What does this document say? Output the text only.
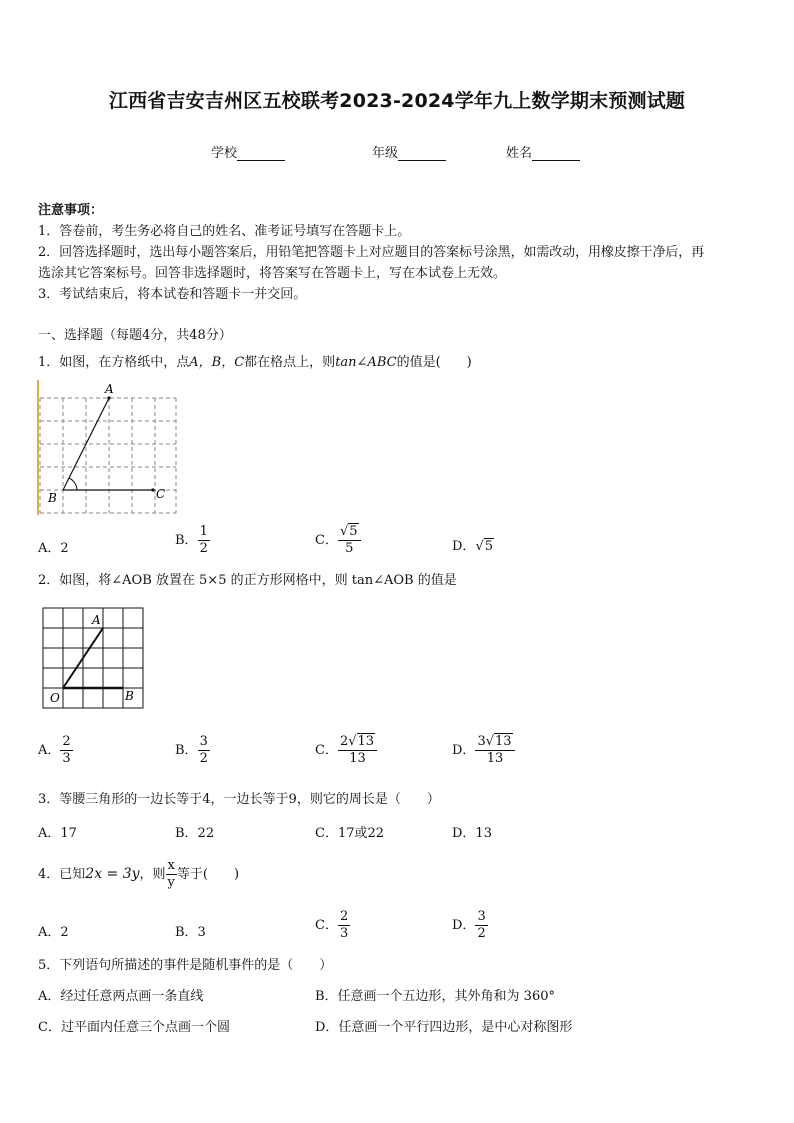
江西省吉安吉州区五校联考2023-2024学年九上数学期末预测试题
学校	年级	姓名
注意事项：
1．答卷前，考生务必将自己的姓名、准考证号填写在答题卡上。
2．回答选择题时，选出每小题答案后，用铅笔把答题卡上对应题目的答案标号涂黑，如需改动，用橡皮擦干净后，再
选涂其它答案标号。回答非选择题时，将答案写在答题卡上，写在本试卷上无效。
3．考试结束后，将本试卷和答题卡一并交回。
一、选择题（每题4分，共48分）
1．如图，在方格纸中，点A，B，C都在格点上，则tan∠ABC的值是(　　)
A
B	C
A．2
B． $\frac{1}{2}$	C． $\frac{√5}{5}$	D．√5
2．如图，将∠AOB 放置在 5×5 的正方形网格中，则 tan∠AOB 的值是
A
O	B
A． $\frac{2}{3}$	B． $\frac{3}{2}$	C． $\frac{2√13}{13}$	D． $\frac{3√13}{13}$
3．等腰三角形的一边长等于4，一边长等于9，则它的周长是（　　）
A．17	B．22	C．17或22	D．13
4．已知2x = 3y，则 $\frac{x}{y}$ 等于(　　)
A．2	B．3	C． $\frac{2}{3}$	D． $\frac{3}{2}$
5．下列语句所描述的事件是随机事件的是（　　）
A．经过任意两点画一条直线	B．任意画一个五边形，其外角和为 360°
C．过平面内任意三个点画一个圆	D．任意画一个平行四边形，是中心对称图形
